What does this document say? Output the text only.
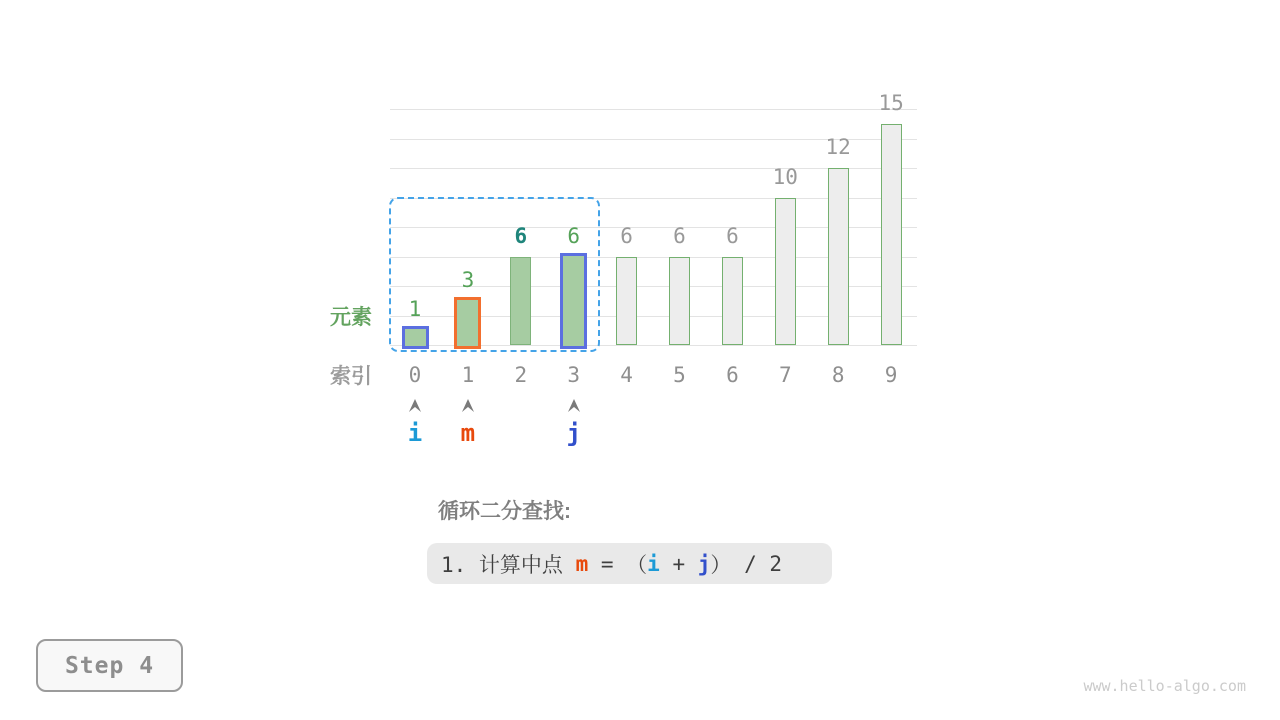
1
0
3
1
6
2
6
3
6
4
6
5
6
6
10
7
12
8
15
9
元素
索引
i	m	j
循环二分查找:
1. 计算中点 m = （ i + j ） / 2
Step 4
www.hello-algo.com
